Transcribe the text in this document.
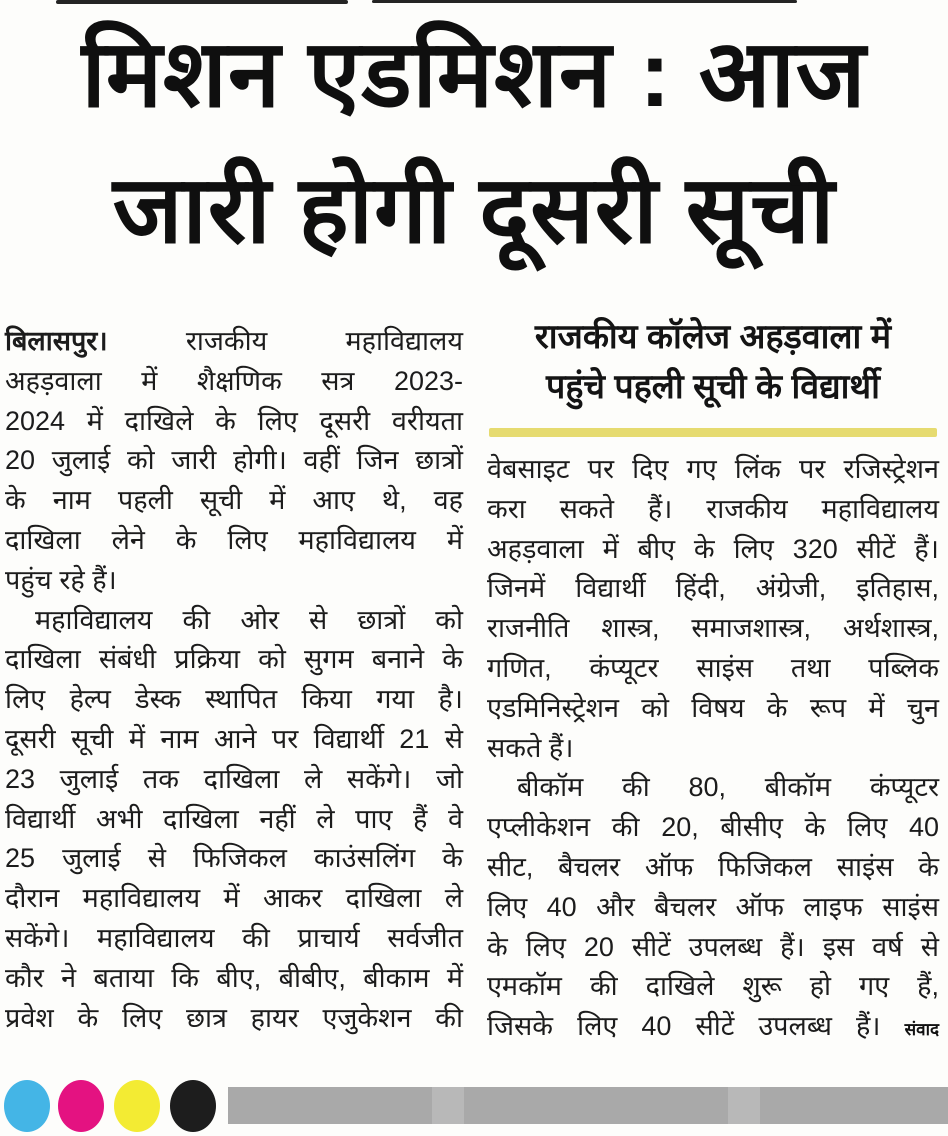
मिशन एडमिशन : आज
जारी होगी दूसरी सूची
बिलासपुर।	राजकीय महाविद्यालय
अहड़वाला में शैक्षणिक सत्र 2023-
2024 में दाखिले के लिए दूसरी वरीयता
20 जुलाई को जारी होगी। वहीं जिन छात्रों
के नाम पहली सूची में आए थे, वह
दाखिला लेने के लिए महाविद्यालय में
पहुंच रहे हैं।
महाविद्यालय की ओर से छात्रों को
दाखिला संबंधी प्रक्रिया को सुगम बनाने के
लिए हेल्प डेस्क स्थापित किया गया है।
दूसरी सूची में नाम आने पर विद्यार्थी 21 से
23 जुलाई तक दाखिला ले सकेंगे। जो
विद्यार्थी अभी दाखिला नहीं ले पाए हैं वे
25 जुलाई से फिजिकल काउंसलिंग के
दौरान महाविद्यालय में आकर दाखिला ले
सकेंगे। महाविद्यालय की प्राचार्य सर्वजीत
कौर ने बताया कि बीए, बीबीए, बीकाम में
प्रवेश के लिए छात्र हायर एजुकेशन की
राजकीय कॉलेज अहड़वाला में
पहुंचे पहली सूची के विद्यार्थी
वेबसाइट पर दिए गए लिंक पर रजिस्ट्रेशन
करा सकते हैं। राजकीय महाविद्यालय
अहड़वाला में बीए के लिए 320 सीटें हैं।
जिनमें विद्यार्थी हिंदी, अंग्रेजी, इतिहास,
राजनीति शास्त्र, समाजशास्त्र, अर्थशास्त्र,
गणित, कंप्यूटर साइंस तथा पब्लिक
एडमिनिस्ट्रेशन को विषय के रूप में चुन
सकते हैं।
बीकॉम की 80, बीकॉम कंप्यूटर
एप्लीकेशन की 20, बीसीए के लिए 40
सीट, बैचलर ऑफ फिजिकल साइंस के
लिए 40 और बैचलर ऑफ लाइफ साइंस
के लिए 20 सीटें उपलब्ध हैं। इस वर्ष से
एमकॉम की दाखिले शुरू हो गए हैं,
जिसके लिए 40 सीटें उपलब्ध हैं। संवाद
